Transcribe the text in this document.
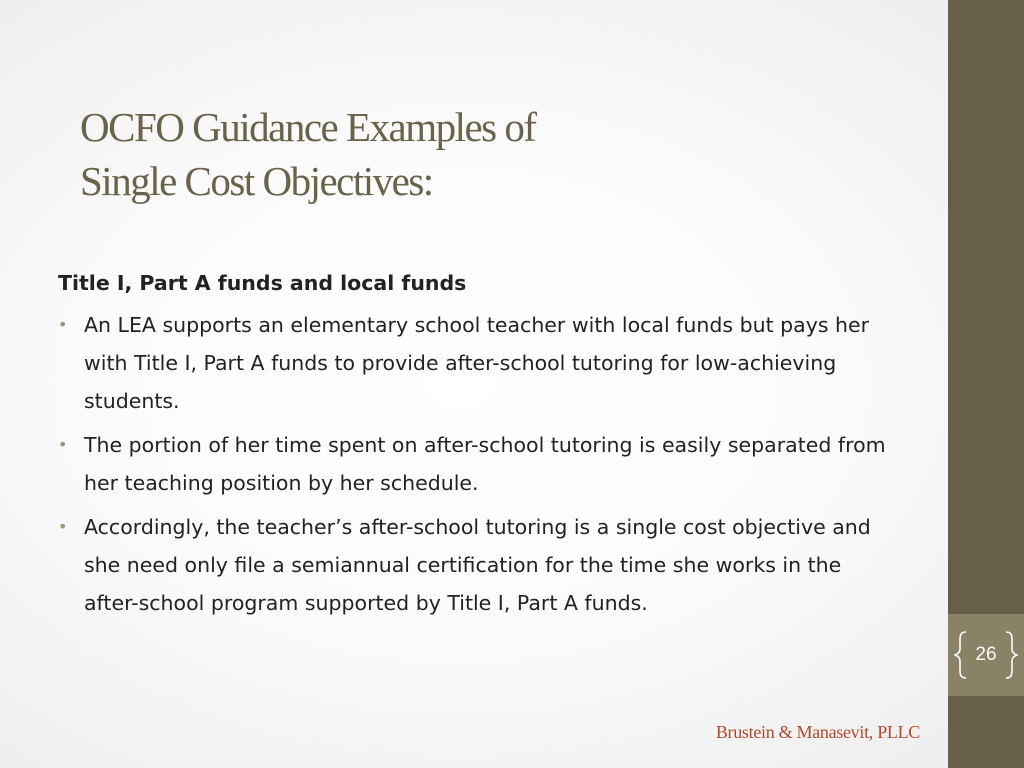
OCFO Guidance Examples of
Single Cost Objectives:
Title I, Part A funds and local funds
• An LEA supports an elementary school teacher with local funds but pays her with Title I, Part A funds to provide after-school tutoring for low-achieving students.
• The portion of her time spent on after-school tutoring is easily separated from her teaching position by her schedule.
• Accordingly, the teacher’s after-school tutoring is a single cost objective and she need only file a semiannual certification for the time she works in the after-school program supported by Title I, Part A funds.
Brustein & Manasevit, PLLC
26
